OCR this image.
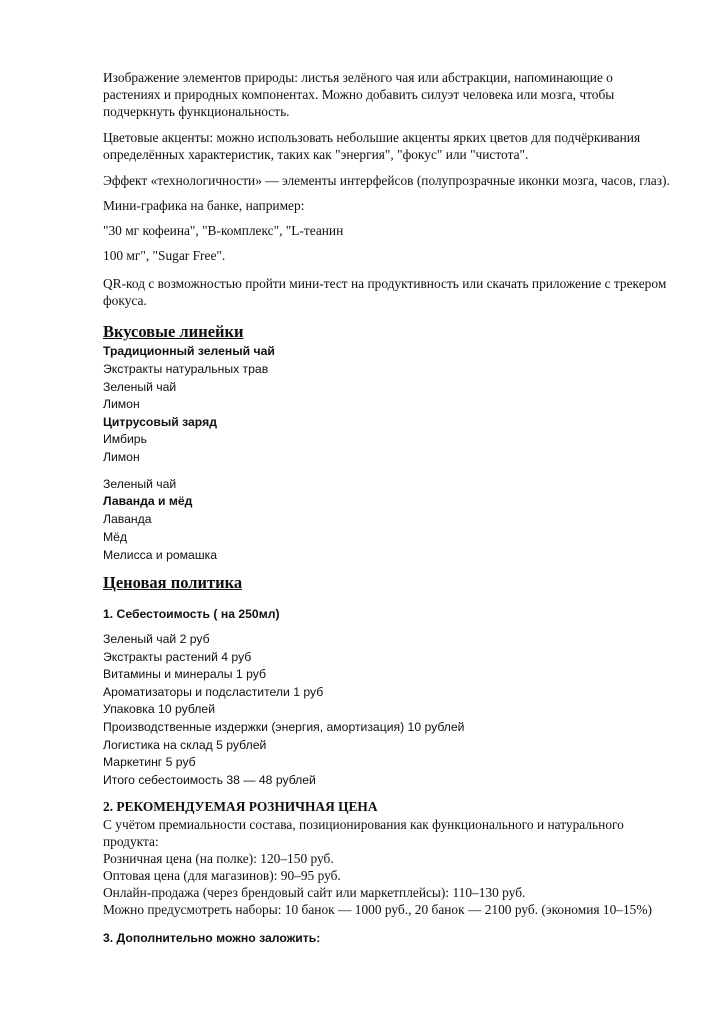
Изображение элементов природы: листья зелёного чая или абстракции, напоминающие о
растениях и природных компонентах. Можно добавить силуэт человека или мозга, чтобы
подчеркнуть функциональность.
Цветовые акценты: можно использовать небольшие акценты ярких цветов для подчёркивания
определённых характеристик, таких как "энергия", "фокус" или "чистота".
Эффект «технологичности» — элементы интерфейсов (полупрозрачные иконки мозга, часов, глаз).
Мини-графика на банке, например:
"30 мг кофеина", "B-комплекс", "L-теанин
100 мг", "Sugar Free".
QR-код с возможностью пройти мини-тест на продуктивность или скачать приложение с трекером
фокуса.
Вкусовые линейки
Традиционный зеленый чай
Экстракты натуральных трав
Зеленый чай
Лимон
Цитрусовый заряд
Имбирь
Лимон
Зеленый чай
Лаванда и мёд
Лаванда
Мёд
Мелисса и ромашка
Ценовая политика
1. Себестоимость ( на 250мл)
Зеленый чай 2 руб
Экстракты растений 4 руб
Витамины и минералы 1 руб
Ароматизаторы и подсластители 1 руб
Упаковка 10 рублей
Производственные издержки (энергия, амортизация) 10 рублей
Логистика на склад 5 рублей
Маркетинг 5 руб
Итого себестоимость 38 — 48 рублей
2. РЕКОМЕНДУЕМАЯ РОЗНИЧНАЯ ЦЕНА
С учётом премиальности состава, позиционирования как функционального и натурального
продукта:
Розничная цена (на полке): 120–150 руб.
Оптовая цена (для магазинов): 90–95 руб.
Онлайн-продажа (через брендовый сайт или маркетплейсы): 110–130 руб.
Можно предусмотреть наборы: 10 банок — 1000 руб., 20 банок — 2100 руб. (экономия 10–15%)
3. Дополнительно можно заложить:
